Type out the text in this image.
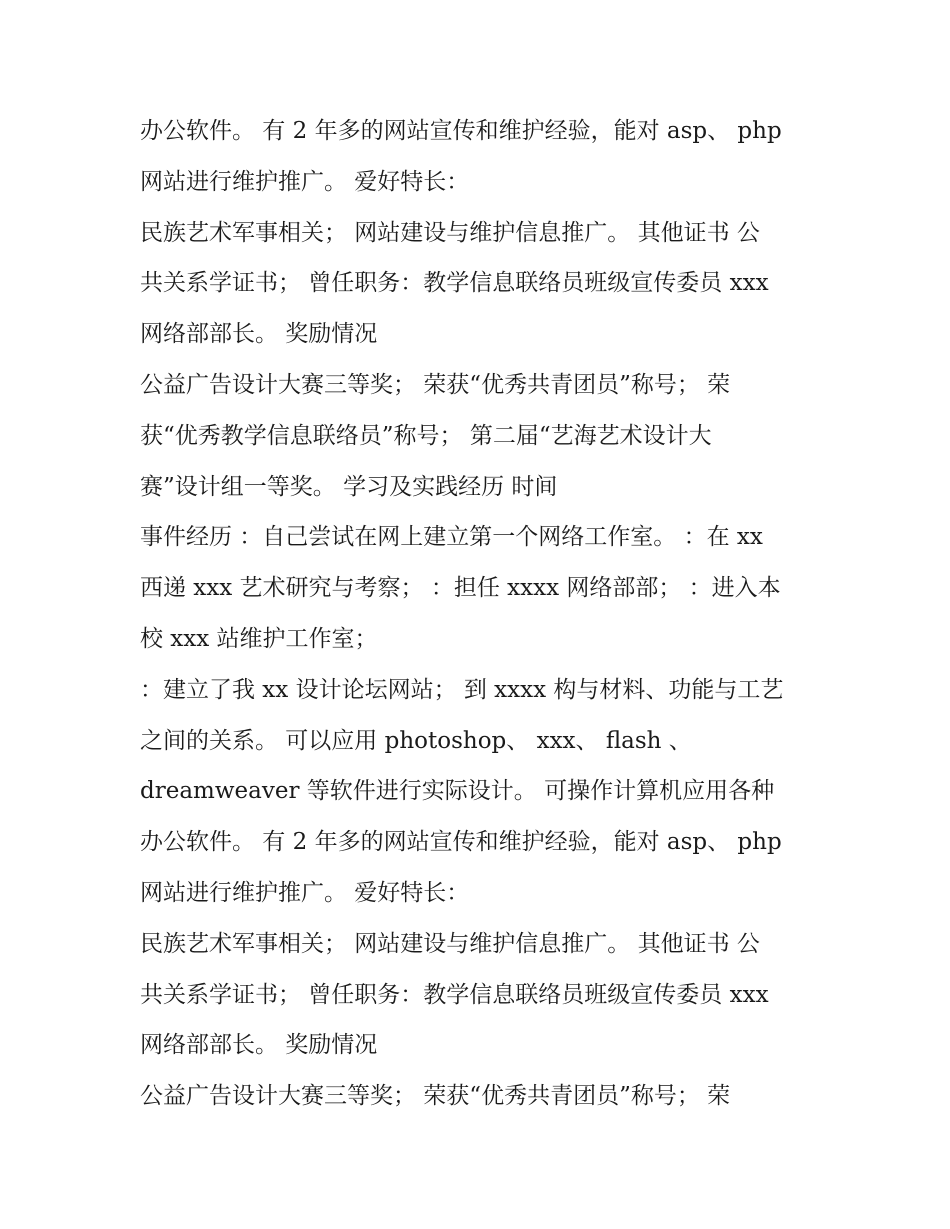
办公软件。 有 2 年多的网站宣传和维护经验，能对 asp、 php
网站进行维护推广。 爱好特长：
民族艺术军事相关； 网站建设与维护信息推广。 其他证书 公
共关系学证书； 曾任职务：教学信息联络员班级宣传委员 xxx
网络部部长。 奖励情况
公益广告设计大赛三等奖； 荣获“优秀共青团员”称号； 荣
获“优秀教学信息联络员”称号； 第二届“艺海艺术设计大
赛”设计组一等奖。 学习及实践经历 时间
事件经历 ：自己尝试在网上建立第一个网络工作室。 ：在 xx
西递 xxx 艺术研究与考察； ：担任 xxxx 网络部部； ：进入本
校 xxx 站维护工作室；
：建立了我 xx 设计论坛网站； 到 xxxx 构与材料、功能与工艺
之间的关系。 可以应用 photoshop、 xxx、 flash 、
dreamweaver 等软件进行实际设计。 可操作计算机应用各种
办公软件。 有 2 年多的网站宣传和维护经验，能对 asp、 php
网站进行维护推广。 爱好特长：
民族艺术军事相关； 网站建设与维护信息推广。 其他证书 公
共关系学证书； 曾任职务：教学信息联络员班级宣传委员 xxx
网络部部长。 奖励情况
公益广告设计大赛三等奖； 荣获“优秀共青团员”称号； 荣
